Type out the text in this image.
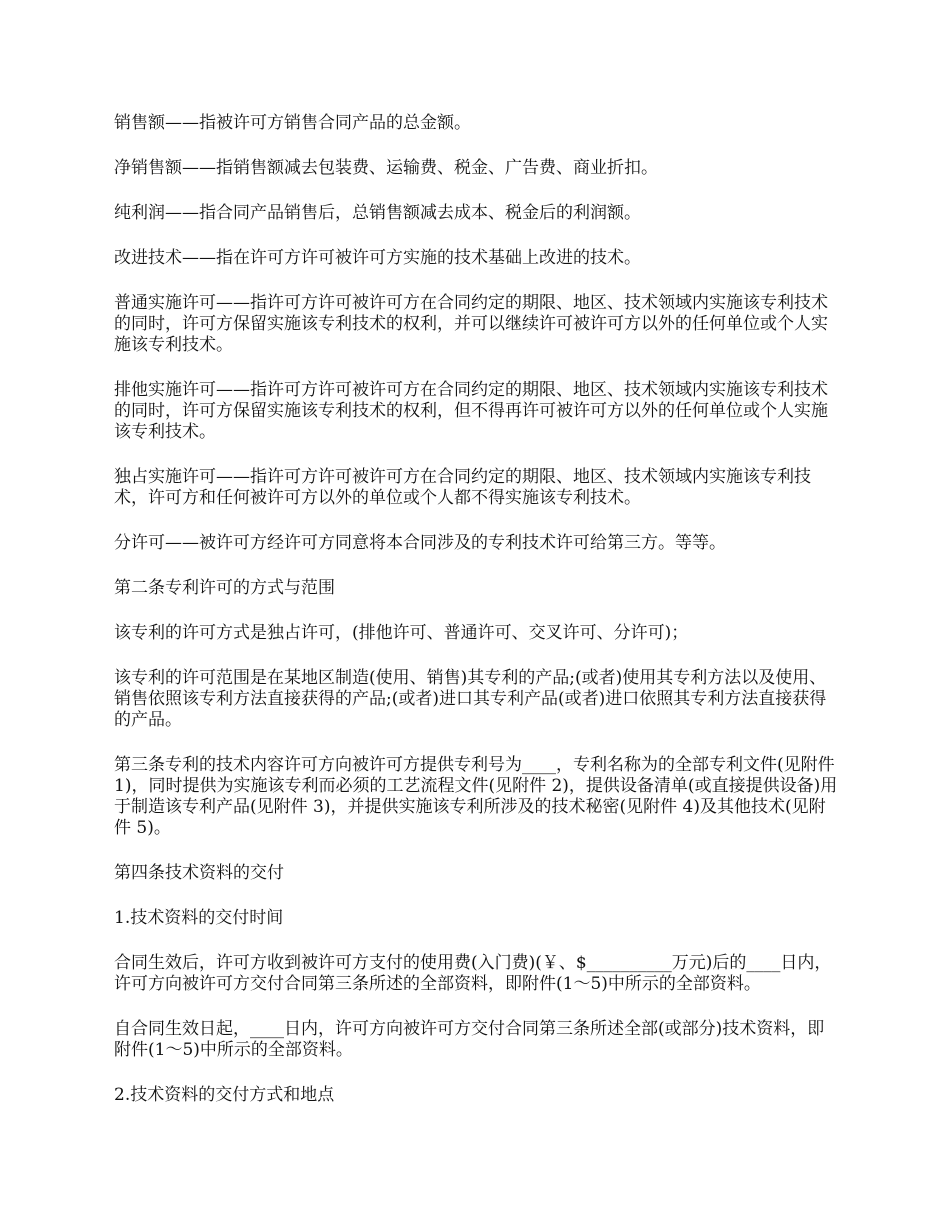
销售额——指被许可方销售合同产品的总金额。

净销售额——指销售额减去包装费、运输费、税金、广告费、商业折扣。

纯利润——指合同产品销售后，总销售额减去成本、税金后的利润额。

改进技术——指在许可方许可被许可方实施的技术基础上改进的技术。

普通实施许可——指许可方许可被许可方在合同约定的期限、地区、技术领域内实施该专利技术的同时，许可方保留实施该专利技术的权利，并可以继续许可被许可方以外的任何单位或个人实施该专利技术。

排他实施许可——指许可方许可被许可方在合同约定的期限、地区、技术领域内实施该专利技术的同时，许可方保留实施该专利技术的权利，但不得再许可被许可方以外的任何单位或个人实施该专利技术。

独占实施许可——指许可方许可被许可方在合同约定的期限、地区、技术领域内实施该专利技术，许可方和任何被许可方以外的单位或个人都不得实施该专利技术。

分许可——被许可方经许可方同意将本合同涉及的专利技术许可给第三方。等等。

第二条专利许可的方式与范围

该专利的许可方式是独占许可，(排他许可、普通许可、交叉许可、分许可)；

该专利的许可范围是在某地区制造(使用、销售)其专利的产品;(或者)使用其专利方法以及使用、销售依照该专利方法直接获得的产品;(或者)进口其专利产品(或者)进口依照其专利方法直接获得的产品。

第三条专利的技术内容许可方向被许可方提供专利号为____，专利名称为的全部专利文件(见附件 1)，同时提供为实施该专利而必须的工艺流程文件(见附件 2)，提供设备清单(或直接提供设备)用于制造该专利产品(见附件 3)，并提供实施该专利所涉及的技术秘密(见附件 4)及其他技术(见附件 5)。

第四条技术资料的交付

1.技术资料的交付时间

合同生效后，许可方收到被许可方支付的使用费(入门费)(￥、$__________万元)后的____日内，许可方向被许可方交付合同第三条所述的全部资料，即附件(1～5)中所示的全部资料。

自合同生效日起，____日内，许可方向被许可方交付合同第三条所述全部(或部分)技术资料，即附件(1～5)中所示的全部资料。

2.技术资料的交付方式和地点
